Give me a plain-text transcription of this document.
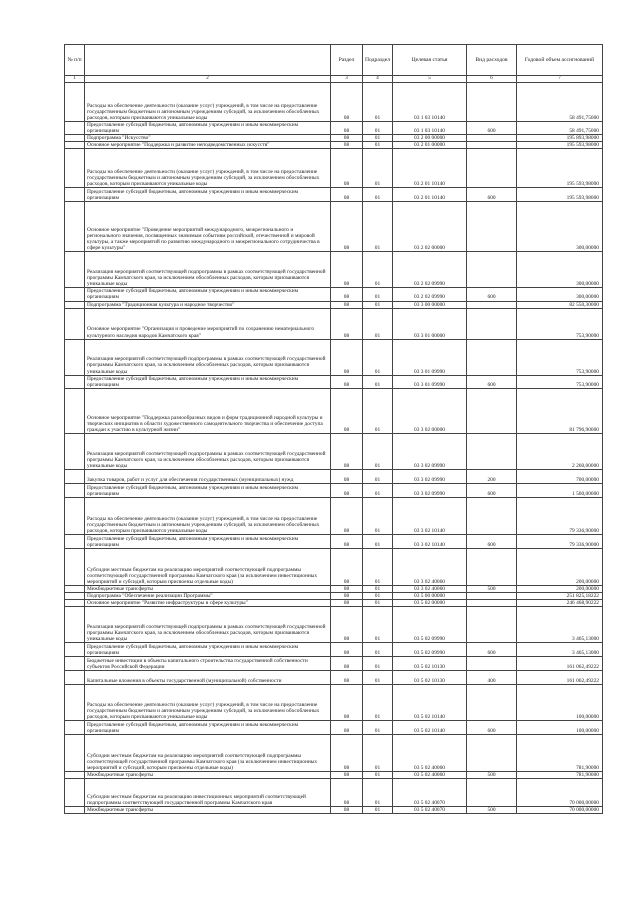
№ п/п		Раздел	Подраздел	Целевая статья	Вид расходов	Годовой объем ассигнований
1	2	3	4	5	6	7
	Расходы на обеспечение деятельности (оказание услуг) учреждений, в том числе на предоставление государственным бюджетным и автономным учреждениям субсидий, за исключением обособленных расходов, которым присваиваются уникальные коды	08	01	03 1 03 10140		58 491,75000
	Предоставление субсидий бюджетным, автономным учреждениям и иным некоммерческим организациям	08	01	03 1 03 10140	600	58 491,75000
	Подпрограмма "Искусство"	08	01	03 2 00 00000		195 893,98000
	Основное мероприятие "Поддержка и развитие неподведомственных искусств"	08	01	03 2 01 00000		195 593,98000
	Расходы на обеспечение деятельности (оказание услуг) учреждений, в том числе на предоставление государственным бюджетным и автономным учреждениям субсидий, за исключением обособленных расходов, которым присваиваются уникальные коды	08	01	03 2 01 10140		195 593,98000
	Предоставление субсидий бюджетным, автономным учреждениям и иным некоммерческим организациям	08	01	03 2 01 10140	600	195 593,98000
	Основное мероприятие "Проведение мероприятий международного, межрегионального и регионального значения, посвященных значимым событиям российской, отечественной и мировой культуры, а также мероприятий по развитию международного и межрегионального сотрудничества в сфере культуры"	08	01	03 2 02 00000		300,00000
	Реализация мероприятий соответствующей подпрограммы в рамках соответствующей государственной программы Камчатского края, за исключением обособленных расходов, которым присваиваются уникальные коды	08	01	03 2 02 09990		300,00000
	Предоставление субсидий бюджетным, автономным учреждениям и иным некоммерческим организациям	08	01	03 2 02 09990	600	300,00000
	Подпрограмма "Традиционная культура и народное творчество"	08	01	03 3 00 00000		82 550,30000
	Основное мероприятие "Организация и проведение мероприятий по сохранению нематериального культурного наследия народов Камчатского края"	08	01	03 3 01 00000		753,90000
	Реализация мероприятий соответствующей подпрограммы в рамках соответствующей государственной программы Камчатского края, за исключением обособленных расходов, которым присваиваются уникальные коды	08	01	03 3 01 09990		753,90000
	Предоставление субсидий бюджетным, автономным учреждениям и иным некоммерческим организациям	08	01	03 3 01 09990	600	753,90000
	Основное мероприятие "Поддержка разнообразных видов и форм традиционной народной культуры и творческих инициатив в области художественного самодеятельного творчества и обеспечение доступа граждан к участию в культурной жизни"	08	01	03 3 02 00000		81 796,90000
	Реализация мероприятий соответствующей подпрограммы в рамках соответствующей государственной программы Камчатского края, за исключением обособленных расходов, которым присваиваются уникальные коды	08	01	03 3 02 09990		2 260,00000
	Закупка товаров, работ и услуг для обеспечения государственных (муниципальных) нужд	08	01	03 3 02 09990	200	700,00000
	Предоставление субсидий бюджетным, автономным учреждениям и иным некоммерческим организациям	08	01	03 3 02 09990	600	1 560,00000
	Расходы на обеспечение деятельности (оказание услуг) учреждений, в том числе на предоставление государственным бюджетным и автономным учреждениям субсидий, за исключением обособленных расходов, которым присваиваются уникальные коды	08	01	03 3 02 10140		79 336,90000
	Предоставление субсидий бюджетным, автономным учреждениям и иным некоммерческим организациям	08	01	03 3 02 10140	600	79 336,90000
	Субсидии местным бюджетам на реализацию мероприятий соответствующей подпрограммы соответствующей государственной программы Камчатского края (за исключением инвестиционных мероприятий и субсидий, которым присвоены отдельные коды)	08	01	03 3 02 40060		200,00000
	Межбюджетные трансферты	08	01	03 3 02 40060	500	200,00000
	Подпрограмма "Обеспечение реализации Программы"	08	01	03 5 00 00000		251 825,18222
	Основное мероприятие "Развитие инфраструктуры в сфере культуры"	08	01	03 5 02 00000		246 468,90222
	Реализация мероприятий соответствующей подпрограммы в рамках соответствующей государственной программы Камчатского края, за исключением обособленных расходов, которым присваиваются уникальные коды	08	01	03 5 02 09990		3 465,13000
	Предоставление субсидий бюджетным, автономным учреждениям и иным некоммерческим организациям	08	01	03 5 02 09990	600	3 465,13000
	Бюджетные инвестиции в объекты капитального строительства государственной собственности субъектов Российской Федерации	08	01	03 5 02 10130		161 062,49222
	Капитальные вложения в объекты государственной (муниципальной) собственности	08	01	03 5 02 10130	400	161 062,49222
	Расходы на обеспечение деятельности (оказание услуг) учреждений, в том числе на предоставление государственным бюджетным и автономным учреждениям субсидий, за исключением обособленных расходов, которым присваиваются уникальные коды	08	01	03 5 02 10140		100,00000
	Предоставление субсидий бюджетным, автономным учреждениям и иным некоммерческим организациям	08	01	03 5 02 10140	600	100,00000
	Субсидии местным бюджетам на реализацию мероприятий соответствующей подпрограммы соответствующей государственной программы Камчатского края (за исключением инвестиционных мероприятий и субсидий, которым присвоены отдельные коды)	08	01	03 5 02 40060		781,90000
	Межбюджетные трансферты	08	01	03 5 02 40060	500	781,90000
	Субсидии местным бюджетам на реализацию инвестиционных мероприятий соответствующей подпрограммы соответствующей государственной программы Камчатского края	08	01	03 5 02 40070		70 000,00000
	Межбюджетные трансферты	08	01	03 5 02 40070	500	70 000,00000
